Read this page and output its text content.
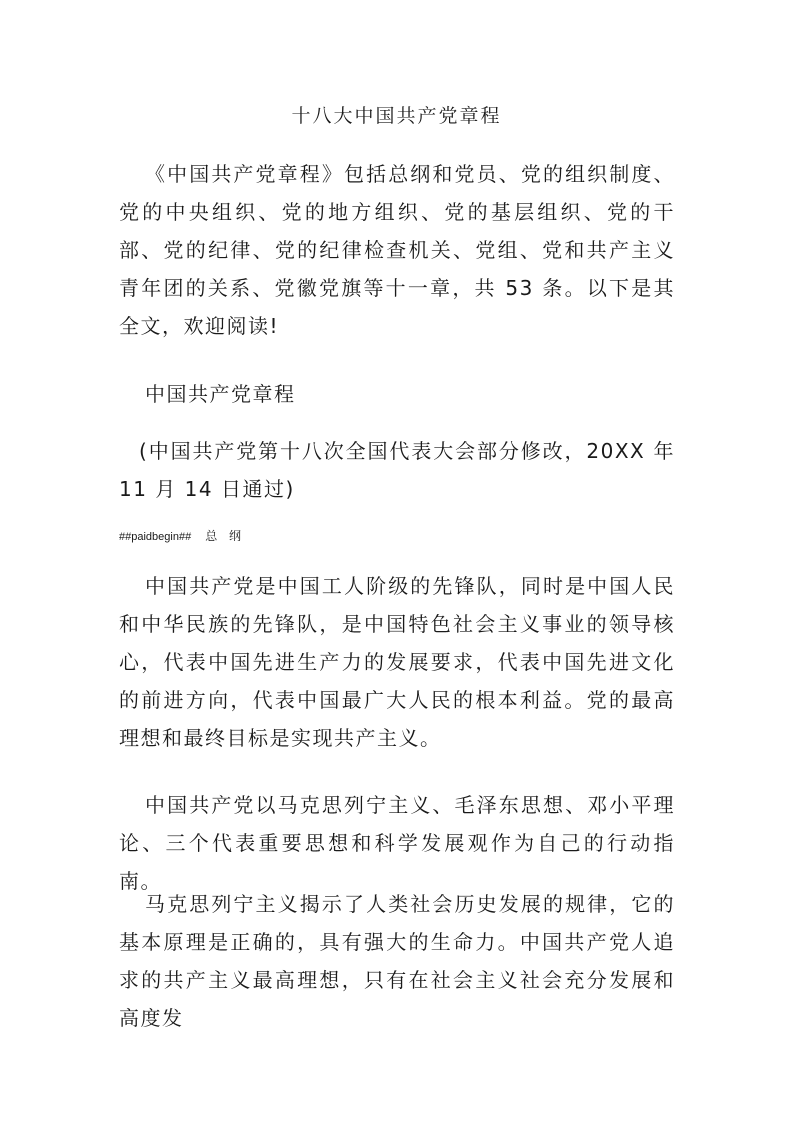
十八大中国共产党章程

《中国共产党章程》包括总纲和党员、党的组织制度、党的中央组织、党的地方组织、党的基层组织、党的干部、党的纪律、党的纪律检查机关、党组、党和共产主义青年团的关系、党徽党旗等十一章，共 53 条。以下是其全文，欢迎阅读!

中国共产党章程

(中国共产党第十八次全国代表大会部分修改，20XX 年 11 月 14 日通过)

##paidbegin## 总 纲

中国共产党是中国工人阶级的先锋队，同时是中国人民和中华民族的先锋队，是中国特色社会主义事业的领导核心，代表中国先进生产力的发展要求，代表中国先进文化的前进方向，代表中国最广大人民的根本利益。党的最高理想和最终目标是实现共产主义。

中国共产党以马克思列宁主义、毛泽东思想、邓小平理论、三个代表重要思想和科学发展观作为自己的行动指南。

马克思列宁主义揭示了人类社会历史发展的规律，它的基本原理是正确的，具有强大的生命力。中国共产党人追求的共产主义最高理想，只有在社会主义社会充分发展和高度发
